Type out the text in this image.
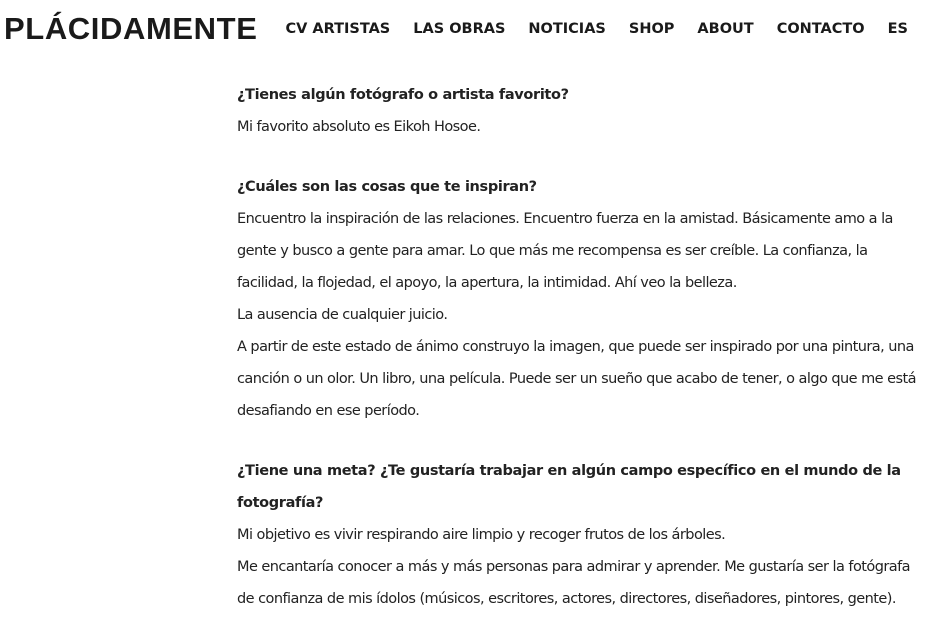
PLÁCIDAMENTE CV ARTISTAS LAS OBRAS NOTICIAS SHOP ABOUT CONTACTO ES

¿Tienes algún fotógrafo o artista favorito?

Mi favorito absoluto es Eikoh Hosoe.

¿Cuáles son las cosas que te inspiran?

Encuentro la inspiración de las relaciones. Encuentro fuerza en la amistad. Básicamente amo a la gente y busco a gente para amar. Lo que más me recompensa es ser creíble. La confianza, la facilidad, la flojedad, el apoyo, la apertura, la intimidad. Ahí veo la belleza.

La ausencia de cualquier juicio.

A partir de este estado de ánimo construyo la imagen, que puede ser inspirado por una pintura, una canción o un olor. Un libro, una película. Puede ser un sueño que acabo de tener, o algo que me está desafiando en ese período.

¿Tiene una meta? ¿Te gustaría trabajar en algún campo específico en el mundo de la fotografía?

Mi objetivo es vivir respirando aire limpio y recoger frutos de los árboles.

Me encantaría conocer a más y más personas para admirar y aprender. Me gustaría ser la fotógrafa de confianza de mis ídolos (músicos, escritores, actores, directores, diseñadores, pintores, gente).
